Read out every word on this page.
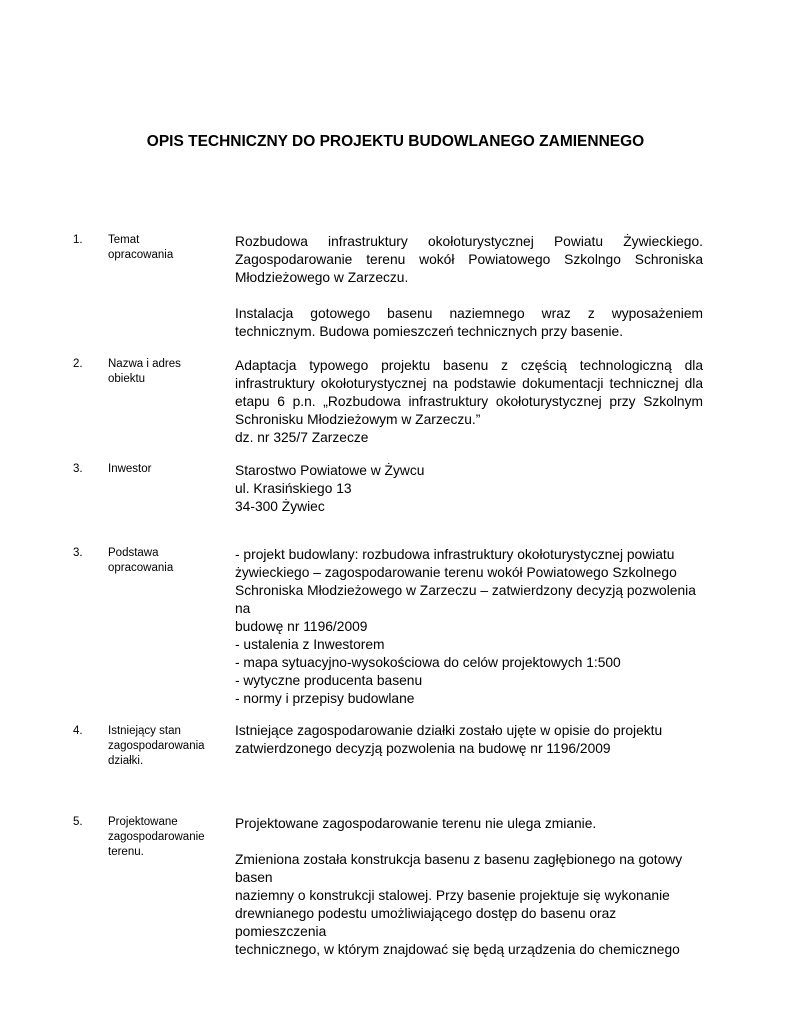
OPIS TECHNICZNY DO PROJEKTU BUDOWLANEGO ZAMIENNEGO
1. Temat
opracowania

Rozbudowa infrastruktury okołoturystycznej Powiatu Żywieckiego. Zagospodarowanie terenu wokół Powiatowego Szkolngo Schroniska Młodzieżowego w Zarzeczu.

Instalacja gotowego basenu naziemnego wraz z wyposażeniem technicznym. Budowa pomieszczeń technicznych przy basenie.

2. Nazwa i adres
obiektu

Adaptacja typowego projektu basenu z częścią technologiczną dla infrastruktury okołoturystycznej na podstawie dokumentacji technicznej dla etapu 6 p.n. „Rozbudowa infrastruktury okołoturystycznej przy Szkolnym Schronisku Młodzieżowym w Zarzeczu.”

dz. nr 325/7 Zarzecze

3. Inwestor	Starostwo Powiatowe w Żywcu

ul. Krasińskiego 13

34-300 Żywiec

3. Podstawa
opracowania

- projekt budowlany: rozbudowa infrastruktury okołoturystycznej powiatu

żywieckiego – zagospodarowanie terenu wokół Powiatowego Szkolnego

Schroniska Młodzieżowego w Zarzeczu – zatwierdzony decyzją pozwolenia na

budowę nr 1196/2009

- ustalenia z Inwestorem

- mapa sytuacyjno-wysokościowa do celów projektowych 1:500

- wytyczne producenta basenu

- normy i przepisy budowlane

4. Istniejący stan
zagospodarowania
działki.

Istniejące zagospodarowanie działki zostało ujęte w opisie do projektu

zatwierdzonego decyzją pozwolenia na budowę nr 1196/2009

5. Projektowane
zagospodarowanie
terenu.

Projektowane zagospodarowanie terenu nie ulega zmianie.

Zmieniona została konstrukcja basenu z basenu zagłębionego na gotowy basen

naziemny o konstrukcji stalowej. Przy basenie projektuje się wykonanie

drewnianego podestu umożliwiającego dostęp do basenu oraz pomieszczenia

technicznego, w którym znajdować się będą urządzenia do chemicznego
